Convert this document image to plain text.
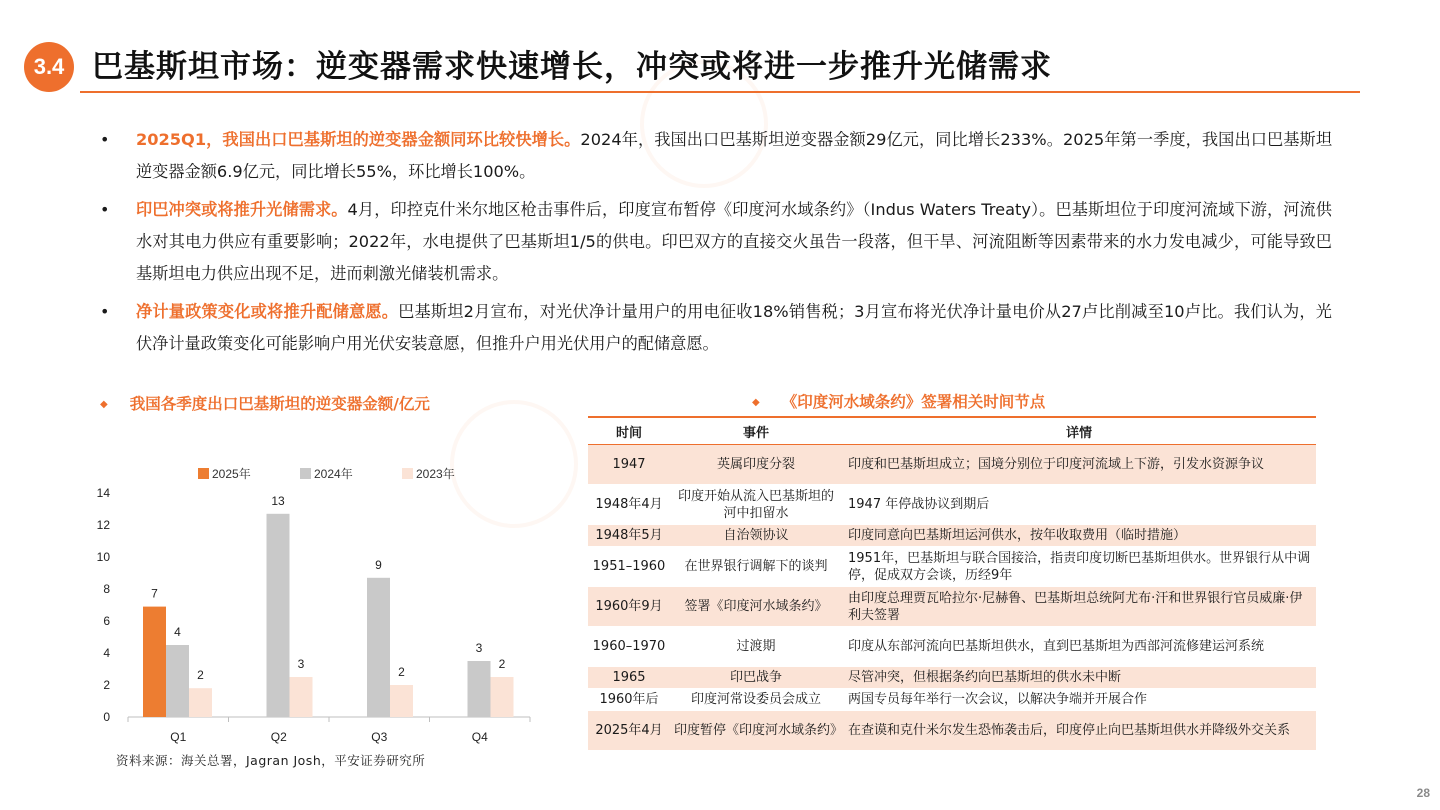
3.4 巴基斯坦市场：逆变器需求快速增长，冲突或将进一步推升光储需求
• 2025Q1，我国出口巴基斯坦的逆变器金额同环比较快增长。2024年，我国出口巴基斯坦逆变器金额29亿元，同比增长233%。2025年第一季度，我国出口巴基斯坦逆变器金额6.9亿元，同比增长55%，环比增长100%。
• 印巴冲突或将推升光储需求。4月，印控克什米尔地区枪击事件后，印度宣布暂停《印度河水域条约》（Indus Waters Treaty）。巴基斯坦位于印度河流域下游，河流供水对其电力供应有重要影响；2022年，水电提供了巴基斯坦1/5的供电。印巴双方的直接交火虽告一段落，但干旱、河流阻断等因素带来的水力发电减少，可能导致巴基斯坦电力供应出现不足，进而刺激光储装机需求。
• 净计量政策变化或将推升配储意愿。巴基斯坦2月宣布，对光伏净计量用户的用电征收18%销售税；3月宣布将光伏净计量电价从27卢比削减至10卢比。我们认为，光伏净计量政策变化可能影响户用光伏安装意愿，但推升户用光伏用户的配储意愿。
◆ 我国各季度出口巴基斯坦的逆变器金额/亿元
2025年	2024年	2023年
0
2
4
6
8
10
12
14
7
4
2
Q1
13
3
Q2
9
2
Q3
3
2
Q4
资料来源：海关总署，Jagran Josh，平安证券研究所
◆ 《印度河水域条约》签署相关时间节点
时间	事件	详情
1947	英属印度分裂	印度和巴基斯坦成立；国境分别位于印度河流域上下游，引发水资源争议
1948年4月	印度开始从流入巴基斯坦的河中扣留水	1947 年停战协议到期后
1948年5月	自治领协议	印度同意向巴基斯坦运河供水，按年收取费用（临时措施）
1951–1960	在世界银行调解下的谈判	1951年，巴基斯坦与联合国接洽，指责印度切断巴基斯坦供水。世界银行从中调停，促成双方会谈，历经9年
1960年9月	签署《印度河水域条约》	由印度总理贾瓦哈拉尔·尼赫鲁、巴基斯坦总统阿尤布·汗和世界银行官员威廉·伊利夫签署
1960–1970	过渡期	印度从东部河流向巴基斯坦供水，直到巴基斯坦为西部河流修建运河系统
1965	印巴战争	尽管冲突，但根据条约向巴基斯坦的供水未中断
1960年后	印度河常设委员会成立	两国专员每年举行一次会议，以解决争端并开展合作
2025年4月	印度暂停《印度河水域条约》	在查谟和克什米尔发生恐怖袭击后，印度停止向巴基斯坦供水并降级外交关系
28
